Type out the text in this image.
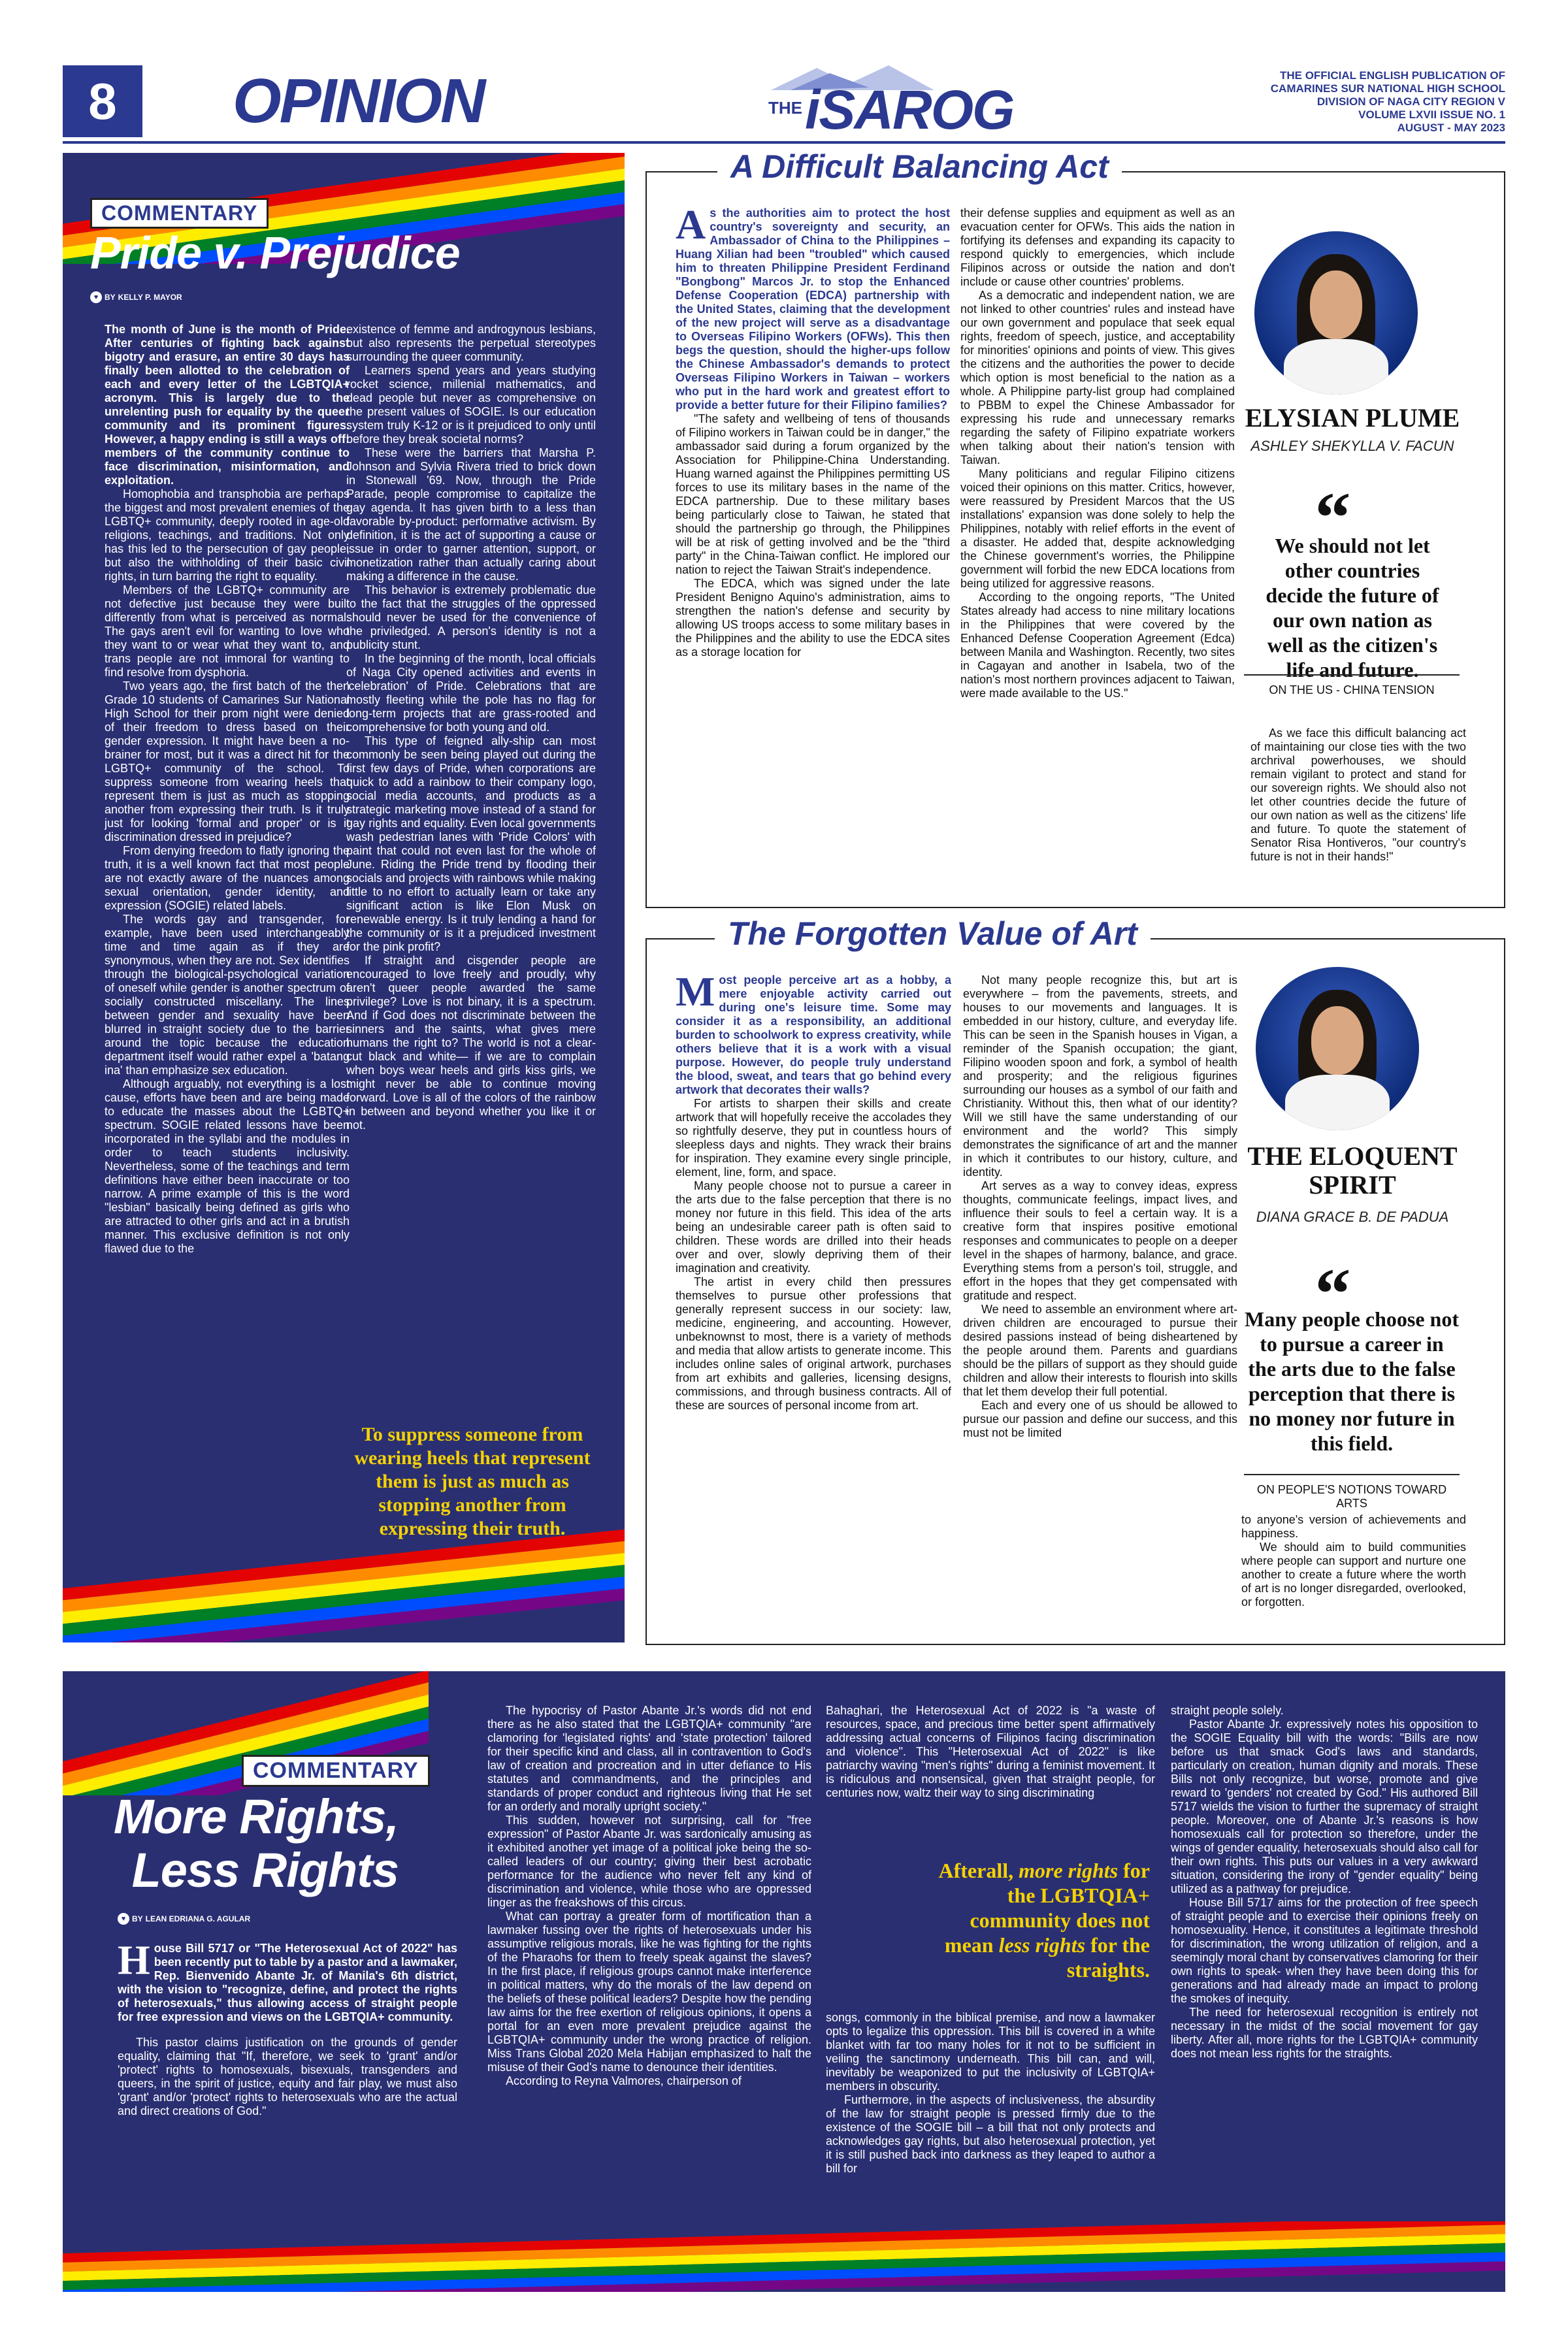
8	OPINION	THE iSAROG
THE OFFICIAL ENGLISH PUBLICATION OF
CAMARINES SUR NATIONAL HIGH SCHOOL
DIVISION OF NAGA CITY REGION V
VOLUME LXVII ISSUE NO. 1
AUGUST - MAY 2023
COMMENTARY
Pride v. Prejudice
♥ BY KELLY P. MAYOR

The month of June is the month of Pride. After centuries of fighting back against bigotry and erasure, an entire 30 days has finally been allotted to the celebration of each and every letter of the LGBTQIA+ acronym. This is largely due to the unrelenting push for equality by the queer community and its prominent figures. However, a happy ending is still a ways off: members of the community continue to face discrimination, misinformation, and exploitation.

Homophobia and transphobia are perhaps the biggest and most prevalent enemies of the LGBTQ+ community, deeply rooted in age-old religions, teachings, and traditions. Not only has this led to the persecution of gay people, but also the withholding of their basic civil rights, in turn barring the right to equality.

Members of the LGBTQ+ community are not defective just because they were built differently from what is perceived as normal. The gays aren't evil for wanting to love who they want to or wear what they want to, and trans people are not immoral for wanting to find resolve from dysphoria.

Two years ago, the first batch of the then Grade 10 students of Camarines Sur National High School for their prom night were denied of their freedom to dress based on their gender expression. It might have been a no-brainer for most, but it was a direct hit for the LGBTQ+ community of the school. To suppress someone from wearing heels that represent them is just as much as stopping another from expressing their truth. Is it truly just for looking 'formal and proper' or is it discrimination dressed in prejudice?

From denying freedom to flatly ignoring the truth, it is a well known fact that most people are not exactly aware of the nuances among sexual orientation, gender identity, and expression (SOGIE) related labels.

The words gay and transgender, for example, have been used interchangeably time and time again as if they are synonymous, when they are not. Sex identifies through the biological-psychological variation of oneself while gender is another spectrum of socially constructed miscellany. The lines between gender and sexuality have been blurred in straight society due to the barrier around the topic because the education department itself would rather expel a 'batang ina' than emphasize sex education.

Although arguably, not everything is a lost cause, efforts have been and are being made to educate the masses about the LGBTQ+ spectrum. SOGIE related lessons have been incorporated in the syllabi and the modules in order to teach students inclusivity. Nevertheless, some of the teachings and term definitions have either been inaccurate or too narrow. A prime example of this is the word "lesbian" basically being defined as girls who are attracted to other girls and act in a brutish manner. This exclusive definition is not only flawed due to the

existence of femme and androgynous lesbians, but also represents the perpetual stereotypes surrounding the queer community.

Learners spend years and years studying rocket science, millenial mathematics, and dead people but never as comprehensive on the present values of SOGIE. Is our education system truly K-12 or is it prejudiced to only until before they break societal norms?

These were the barriers that Marsha P. Johnson and Sylvia Rivera tried to brick down in Stonewall '69. Now, through the Pride Parade, people compromise to capitalize the gay agenda. It has given birth to a less than favorable by-product: performative activism. By definition, it is the act of supporting a cause or issue in order to garner attention, support, or monetization rather than actually caring about making a difference in the cause.

This behavior is extremely problematic due to the fact that the struggles of the oppressed should never be used for the convenience of the priviledged. A person's identity is not a publicity stunt.

In the beginning of the month, local officials of Naga City opened activities and events in 'celebration' of Pride. Celebrations that are mostly fleeting while the pole has no flag for long-term projects that are grass-rooted and comprehensive for both young and old.

This type of feigned ally-ship can most commonly be seen being played out during the first few days of Pride, when corporations are quick to add a rainbow to their company logo, social media accounts, and products as a strategic marketing move instead of a stand for gay rights and equality. Even local governments wash pedestrian lanes with 'Pride Colors' with paint that could not even last for the whole of June. Riding the Pride trend by flooding their socials and projects with rainbows while making little to no effort to actually learn or take any significant action is like Elon Musk on renewable energy. Is it truly lending a hand for the community or is it a prejudiced investment for the pink profit?

If straight and cisgender people are encouraged to love freely and proudly, why aren't queer people awarded the same privilege? Love is not binary, it is a spectrum. And if God does not discriminate between the sinners and the saints, what gives mere humans the right to? The world is not a clear-cut black and white— if we are to complain when boys wear heels and girls kiss girls, we might never be able to continue moving forward. Love is all of the colors of the rainbow in between and beyond whether you like it or not.

To suppress someone from wearing heels that represent them is just as much as stopping another from expressing their truth.
A Difficult Balancing Act

As the authorities aim to protect the host country's sovereignty and security, an Ambassador of China to the Philippines – Huang Xilian had been "troubled" which caused him to threaten Philippine President Ferdinand "Bongbong" Marcos Jr. to stop the Enhanced Defense Cooperation (EDCA) partnership with the United States, claiming that the development of the new project will serve as a disadvantage to Overseas Filipino Workers (OFWs). This then begs the question, should the higher-ups follow the Chinese Ambassador's demands to protect Overseas Filipino Workers in Taiwan – workers who put in the hard work and greatest effort to provide a better future for their Filipino families?

"The safety and wellbeing of tens of thousands of Filipino workers in Taiwan could be in danger," the ambassador said during a forum organized by the Association for Philippine-China Understanding. Huang warned against the Philippines permitting US forces to use its military bases in the name of the EDCA partnership. Due to these military bases being particularly close to Taiwan, he stated that should the partnership go through, the Philippines will be at risk of getting involved and be the "third party" in the China-Taiwan conflict. He implored our nation to reject the Taiwan Strait's independence.

The EDCA, which was signed under the late President Benigno Aquino's administration, aims to strengthen the nation's defense and security by allowing US troops access to some military bases in the Philippines and the ability to use the EDCA sites as a storage location for

their defense supplies and equipment as well as an evacuation center for OFWs. This aids the nation in fortifying its defenses and expanding its capacity to respond quickly to emergencies, which include Filipinos across or outside the nation and don't include or cause other countries' problems.

As a democratic and independent nation, we are not linked to other countries' rules and instead have our own government and populace that seek equal rights, freedom of speech, justice, and acceptability for minorities' opinions and points of view. This gives the citizens and the authorities the power to decide which option is most beneficial to the nation as a whole. A Philippine party-list group had complained to PBBM to expel the Chinese Ambassador for expressing his rude and unnecessary remarks regarding the safety of Filipino expatriate workers when talking about their nation's tension with Taiwan.

Many politicians and regular Filipino citizens voiced their opinions on this matter. Critics, however, were reassured by President Marcos that the US installations' expansion was done solely to help the Philippines, notably with relief efforts in the event of a disaster. He added that, despite acknowledging the Chinese government's worries, the Philippine government will forbid the new EDCA locations from being utilized for aggressive reasons.

According to the ongoing reports, "The United States already had access to nine military locations in the Philippines that were covered by the Enhanced Defense Cooperation Agreement (Edca) between Manila and Washington. Recently, two sites in Cagayan and another in Isabela, two of the nation's most northern provinces adjacent to Taiwan, were made available to the US."

ELYSIAN PLUME
ASHLEY SHEKYLLA V. FACUN
“
We should not let other countries decide the future of our own nation as well as the citizen's life and future.
ON THE US - CHINA TENSION

As we face this difficult balancing act of maintaining our close ties with the two archrival powerhouses, we should remain vigilant to protect and stand for our sovereign rights. We should also not let other countries decide the future of our own nation as well as the citizens' life and future. To quote the statement of Senator Risa Hontiveros, "our country's future is not in their hands!"

The Forgotten Value of Art

Most people perceive art as a hobby, a mere enjoyable activity carried out during one's leisure time. Some may consider it as a responsibility, an additional burden to schoolwork to express creativity, while others believe that it is a work with a visual purpose. However, do people truly understand the blood, sweat, and tears that go behind every artwork that decorates their walls?

For artists to sharpen their skills and create artwork that will hopefully receive the accolades they so rightfully deserve, they put in countless hours of sleepless days and nights. They wrack their brains for inspiration. They examine every single principle, element, line, form, and space.

Many people choose not to pursue a career in the arts due to the false perception that there is no money nor future in this field. This idea of the arts being an undesirable career path is often said to children. These words are drilled into their heads over and over, slowly depriving them of their imagination and creativity.

The artist in every child then pressures themselves to pursue other professions that generally represent success in our society: law, medicine, engineering, and accounting. However, unbeknownst to most, there is a variety of methods and media that allow artists to generate income. This includes online sales of original artwork, purchases from art exhibits and galleries, licensing designs, commissions, and through business contracts. All of these are sources of personal income from art.

Not many people recognize this, but art is everywhere – from the pavements, streets, and houses to our movements and languages. It is embedded in our history, culture, and everyday life. This can be seen in the Spanish houses in Vigan, a reminder of the Spanish occupation; the giant, Filipino wooden spoon and fork, a symbol of health and prosperity; and the religious figurines surrounding our houses as a symbol of our faith and Christianity. Without this, then what of our identity? Will we still have the same understanding of our environment and the world? This simply demonstrates the significance of art and the manner in which it contributes to our history, culture, and identity.

Art serves as a way to convey ideas, express thoughts, communicate feelings, impact lives, and influence their souls to feel a certain way. It is a creative form that inspires positive emotional responses and communicates to people on a deeper level in the shapes of harmony, balance, and grace. Everything stems from a person's toil, struggle, and effort in the hopes that they get compensated with gratitude and respect.

We need to assemble an environment where art-driven children are encouraged to pursue their desired passions instead of being disheartened by the people around them. Parents and guardians should be the pillars of support as they should guide children and allow their interests to flourish into skills that let them develop their full potential.

Each and every one of us should be allowed to pursue our passion and define our success, and this must not be limited

THE ELOQUENT SPIRIT
DIANA GRACE B. DE PADUA
“
Many people choose not to pursue a career in the arts due to the false perception that there is no money nor future in this field.
ON PEOPLE'S NOTIONS TOWARD ARTS

to anyone's version of achievements and happiness.

We should aim to build communities where people can support and nurture one another to create a future where the worth of art is no longer disregarded, overlooked, or forgotten.

COMMENTARY
More Rights,
Less Rights
♥ BY LEAN EDRIANA G. AGULAR

House Bill 5717 or "The Heterosexual Act of 2022" has been recently put to table by a pastor and a lawmaker, Rep. Bienvenido Abante Jr. of Manila's 6th district, with the vision to "recognize, define, and protect the rights of heterosexuals," thus allowing access of straight people for free expression and views on the LGBTQIA+ community.

This pastor claims justification on the grounds of gender equality, claiming that "If, therefore, we seek to 'grant' and/or 'protect' rights to homosexuals, bisexuals, transgenders and queers, in the spirit of justice, equity and fair play, we must also 'grant' and/or 'protect' rights to heterosexuals who are the actual and direct creations of God."

The hypocrisy of Pastor Abante Jr.'s words did not end there as he also stated that the LGBTQIA+ community "are clamoring for 'legislated rights' and 'state protection' tailored for their specific kind and class, all in contravention to God's law of creation and procreation and in utter defiance to His statutes and commandments, and the principles and standards of proper conduct and righteous living that He set for an orderly and morally upright society."

This sudden, however not surprising, call for "free expression" of Pastor Abante Jr. was sardonically amusing as it exhibited another yet image of a political joke being the so-called leaders of our country; giving their best acrobatic performance for the audience who never felt any kind of discrimination and violence, while those who are oppressed linger as the freakshows of this circus.

What can portray a greater form of mortification than a lawmaker fussing over the rights of heterosexuals under his assumptive religious morals, like he was fighting for the rights of the Pharaohs for them to freely speak against the slaves? In the first place, if religious groups cannot make interference in political matters, why do the morals of the law depend on the beliefs of these political leaders? Despite how the pending law aims for the free exertion of religious opinions, it opens a portal for an even more prevalent prejudice against the LGBTQIA+ community under the wrong practice of religion. Miss Trans Global 2020 Mela Habijan emphasized to halt the misuse of their God's name to denounce their identities.

According to Reyna Valmores, chairperson of

Bahaghari, the Heterosexual Act of 2022 is "a waste of resources, space, and precious time better spent affirmatively addressing actual concerns of Filipinos facing discrimination and violence". This "Heterosexual Act of 2022" is like patriarchy waving "men's rights" during a feminist movement. It is ridiculous and nonsensical, given that straight people, for centuries now, waltz their way to sing discriminating

Afterall, more rights for the LGBTQIA+ community does not mean less rights for the straights.

songs, commonly in the biblical premise, and now a lawmaker opts to legalize this oppression. This bill is covered in a white blanket with far too many holes for it not to be sufficient in veiling the sanctimony underneath. This bill can, and will, inevitably be weaponized to put the inclusivity of LGBTQIA+ members in obscurity.

Furthermore, in the aspects of inclusiveness, the absurdity of the law for straight people is pressed firmly due to the existence of the SOGIE bill – a bill that not only protects and acknowledges gay rights, but also heterosexual protection, yet it is still pushed back into darkness as they leaped to author a bill for

straight people solely.

Pastor Abante Jr. expressively notes his opposition to the SOGIE Equality bill with the words: "Bills are now before us that smack God's laws and standards, particularly on creation, human dignity and morals. These Bills not only recognize, but worse, promote and give reward to 'genders' not created by God." His authored Bill 5717 wields the vision to further the supremacy of straight people. Moreover, one of Abante Jr.'s reasons is how homosexuals call for protection so therefore, under the wings of gender equality, heterosexuals should also call for their own rights. This puts our values in a very awkward situation, considering the irony of "gender equality" being utilized as a pathway for prejudice.

House Bill 5717 aims for the protection of free speech of straight people and to exercise their opinions freely on homosexuality. Hence, it constitutes a legitimate threshold for discrimination, the wrong utilization of religion, and a seemingly moral chant by conservatives clamoring for their own rights to speak- when they have been doing this for generations and had already made an impact to prolong the smokes of inequity.

The need for heterosexual recognition is entirely not necessary in the midst of the social movement for gay liberty. After all, more rights for the LGBTQIA+ community does not mean less rights for the straights.
